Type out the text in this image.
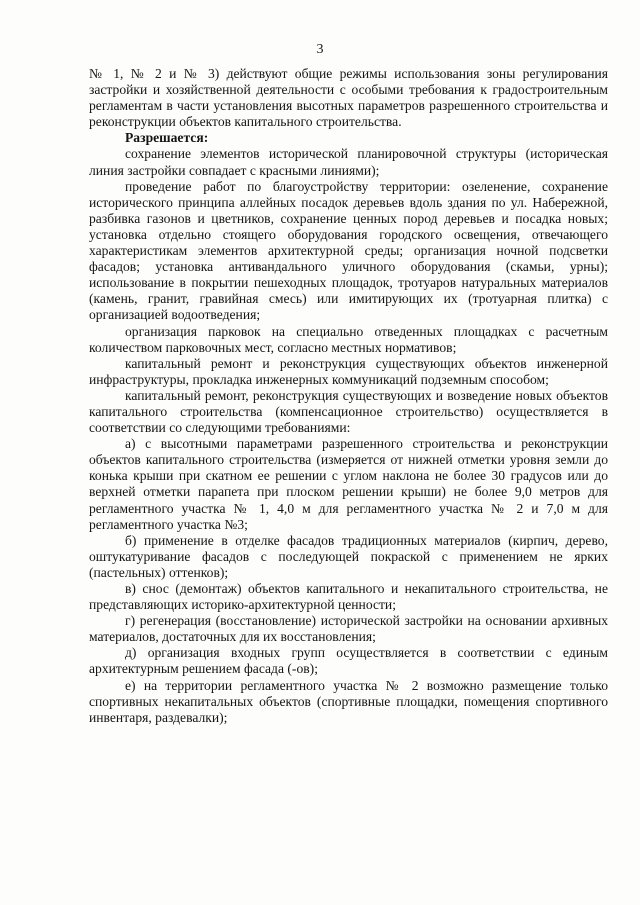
3

№ 1, № 2 и № 3) действуют общие режимы использования зоны регулирования застройки и хозяйственной деятельности с особыми требования к градостроительным регламентам в части установления высотных параметров разрешенного строительства и реконструкции объектов капитального строительства.

Разрешается:

сохранение элементов исторической планировочной структуры (историческая линия застройки совпадает с красными линиями);

проведение работ по благоустройству территории: озеленение, сохранение исторического принципа аллейных посадок деревьев вдоль здания по ул. Набережной, разбивка газонов и цветников, сохранение ценных пород деревьев и посадка новых; установка отдельно стоящего оборудования городского освещения, отвечающего характеристикам элементов архитектурной среды; организация ночной подсветки фасадов; установка антивандального уличного оборудования (скамьи, урны); использование в покрытии пешеходных площадок, тротуаров натуральных материалов (камень, гранит, гравийная смесь) или имитирующих их (тротуарная плитка) с организацией водоотведения;

организация парковок на специально отведенных площадках с расчетным количеством парковочных мест, согласно местных нормативов;

капитальный ремонт и реконструкция существующих объектов инженерной инфраструктуры, прокладка инженерных коммуникаций подземным способом;

капитальный ремонт, реконструкция существующих и возведение новых объектов капитального строительства (компенсационное строительство) осуществляется в соответствии со следующими требованиями:

а) с высотными параметрами разрешенного строительства и реконструкции объектов капитального строительства (измеряется от нижней отметки уровня земли до конька крыши при скатном ее решении с углом наклона не более 30 градусов или до верхней отметки парапета при плоском решении крыши) не более 9,0 метров для регламентного участка № 1, 4,0 м для регламентного участка № 2 и 7,0 м для регламентного участка №3;

б) применение в отделке фасадов традиционных материалов (кирпич, дерево, оштукатуривание фасадов с последующей покраской с применением не ярких (пастельных) оттенков);

в) снос (демонтаж) объектов капитального и некапитального строительства, не представляющих историко-архитектурной ценности;

г) регенерация (восстановление) исторической застройки на основании архивных материалов, достаточных для их восстановления;

д) организация входных групп осуществляется в соответствии с единым архитектурным решением фасада (-ов);

е) на территории регламентного участка № 2 возможно размещение только спортивных некапитальных объектов (спортивные площадки, помещения спортивного инвентаря, раздевалки);
